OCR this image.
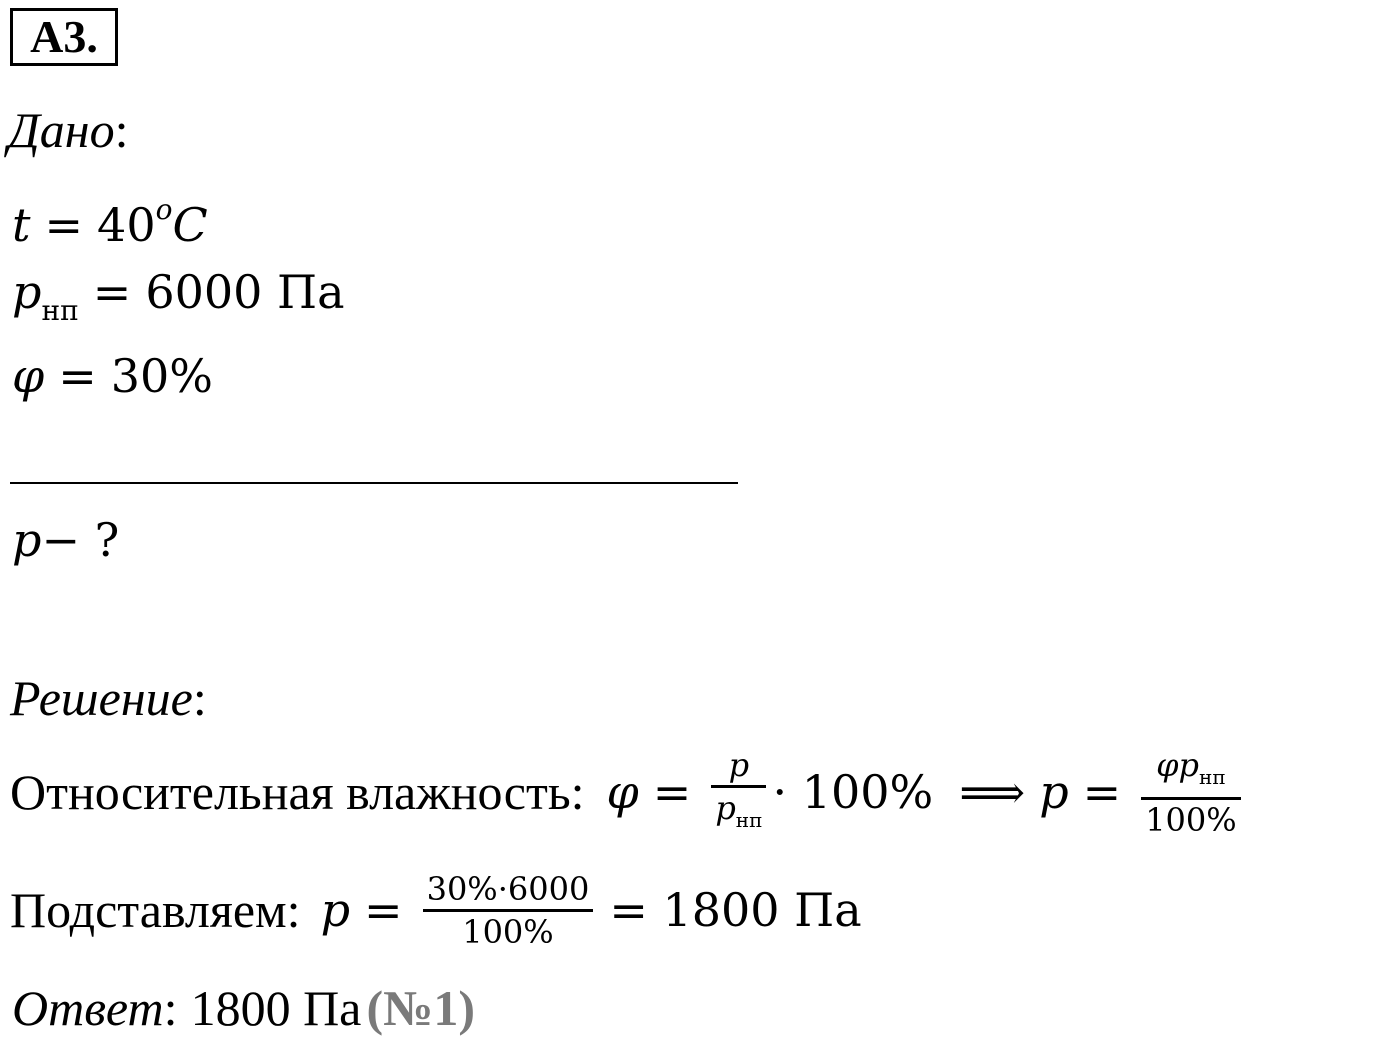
А3.
Дано:
$t = 40^oC$
$p_{нп} = 6000$ Па
φ = 30%
p− ?
Решение:
Относительная влажность: $\varphi = \frac{p}{p_{нп}} \cdot 100\%$ ⟹ $p = \frac{\varphi p_{нп}}{100\%}$
Подставляем: $p = \frac{30\%\cdot 6000}{100\%} = 1800$ Па
Ответ: 1800 Па (№1)
